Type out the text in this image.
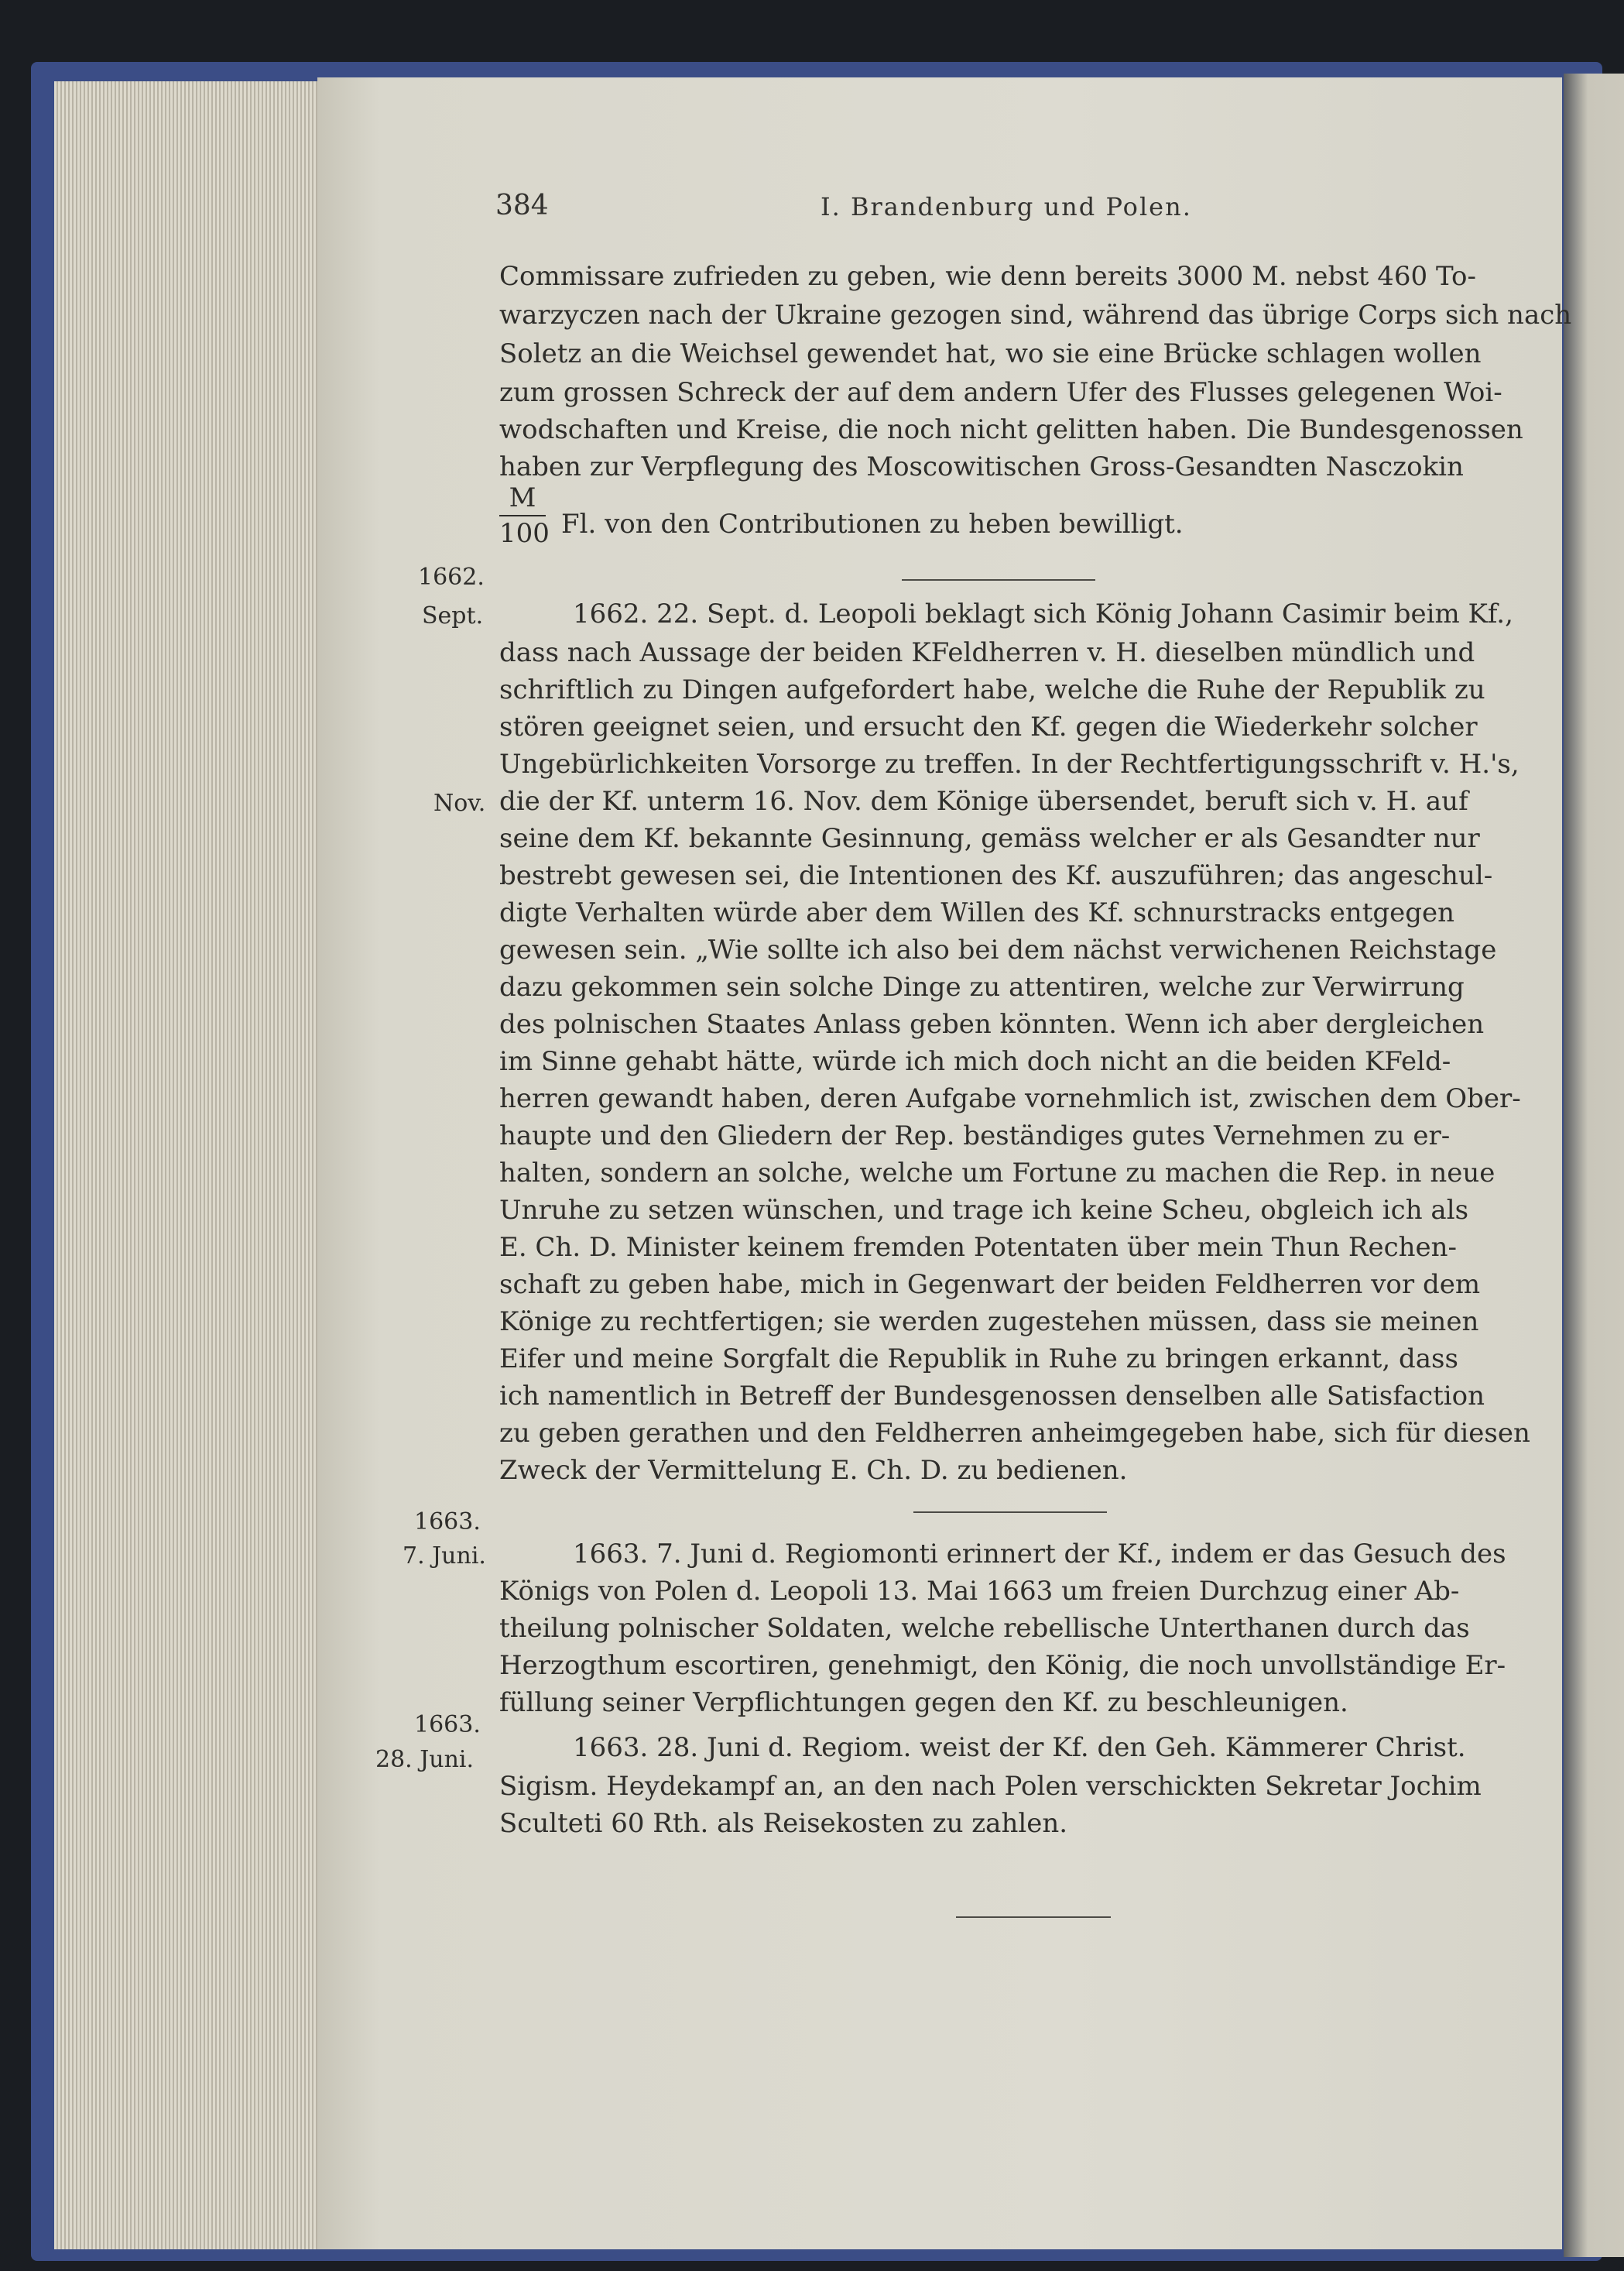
384	I. Brandenburg und Polen.
Commissare zufrieden zu geben, wie denn bereits 3000 M. nebst 460 To-
warzyczen nach der Ukraine gezogen sind, während das übrige Corps sich nach
Soletz an die Weichsel gewendet hat, wo sie eine Brücke schlagen wollen
zum grossen Schreck der auf dem andern Ufer des Flusses gelegenen Woi-
wodschaften und Kreise, die noch nicht gelitten haben. Die Bundesgenossen
haben zur Verpflegung des Moscowitischen Gross-Gesandten Nasczokin
M
100 Fl. von den Contributionen zu heben bewilligt.
1662.
Sept.
Nov.
1662. 22. Sept. d. Leopoli beklagt sich König Johann Casimir beim Kf.,
dass nach Aussage der beiden KFeldherren v. H. dieselben mündlich und
schriftlich zu Dingen aufgefordert habe, welche die Ruhe der Republik zu
stören geeignet seien, und ersucht den Kf. gegen die Wiederkehr solcher
Ungebürlichkeiten Vorsorge zu treffen. In der Rechtfertigungsschrift v. H.'s,
die der Kf. unterm 16. Nov. dem Könige übersendet, beruft sich v. H. auf
seine dem Kf. bekannte Gesinnung, gemäss welcher er als Gesandter nur
bestrebt gewesen sei, die Intentionen des Kf. auszuführen; das angeschul-
digte Verhalten würde aber dem Willen des Kf. schnurstracks entgegen
gewesen sein. „Wie sollte ich also bei dem nächst verwichenen Reichstage
dazu gekommen sein solche Dinge zu attentiren, welche zur Verwirrung
des polnischen Staates Anlass geben könnten. Wenn ich aber dergleichen
im Sinne gehabt hätte, würde ich mich doch nicht an die beiden KFeld-
herren gewandt haben, deren Aufgabe vornehmlich ist, zwischen dem Ober-
haupte und den Gliedern der Rep. beständiges gutes Vernehmen zu er-
halten, sondern an solche, welche um Fortune zu machen die Rep. in neue
Unruhe zu setzen wünschen, und trage ich keine Scheu, obgleich ich als
E. Ch. D. Minister keinem fremden Potentaten über mein Thun Rechen-
schaft zu geben habe, mich in Gegenwart der beiden Feldherren vor dem
Könige zu rechtfertigen; sie werden zugestehen müssen, dass sie meinen
Eifer und meine Sorgfalt die Republik in Ruhe zu bringen erkannt, dass
ich namentlich in Betreff der Bundesgenossen denselben alle Satisfaction
zu geben gerathen und den Feldherren anheimgegeben habe, sich für diesen
Zweck der Vermittelung E. Ch. D. zu bedienen.
1663.
7. Juni.	1663. 7. Juni d. Regiomonti erinnert der Kf., indem er das Gesuch des
Königs von Polen d. Leopoli 13. Mai 1663 um freien Durchzug einer Ab-
theilung polnischer Soldaten, welche rebellische Unterthanen durch das
Herzogthum escortiren, genehmigt, den König, die noch unvollständige Er-
füllung seiner Verpflichtungen gegen den Kf. zu beschleunigen.
1663.
28. Juni.	1663. 28. Juni d. Regiom. weist der Kf. den Geh. Kämmerer Christ.
Sigism. Heydekampf an, an den nach Polen verschickten Sekretar Jochim
Sculteti 60 Rth. als Reisekosten zu zahlen.
